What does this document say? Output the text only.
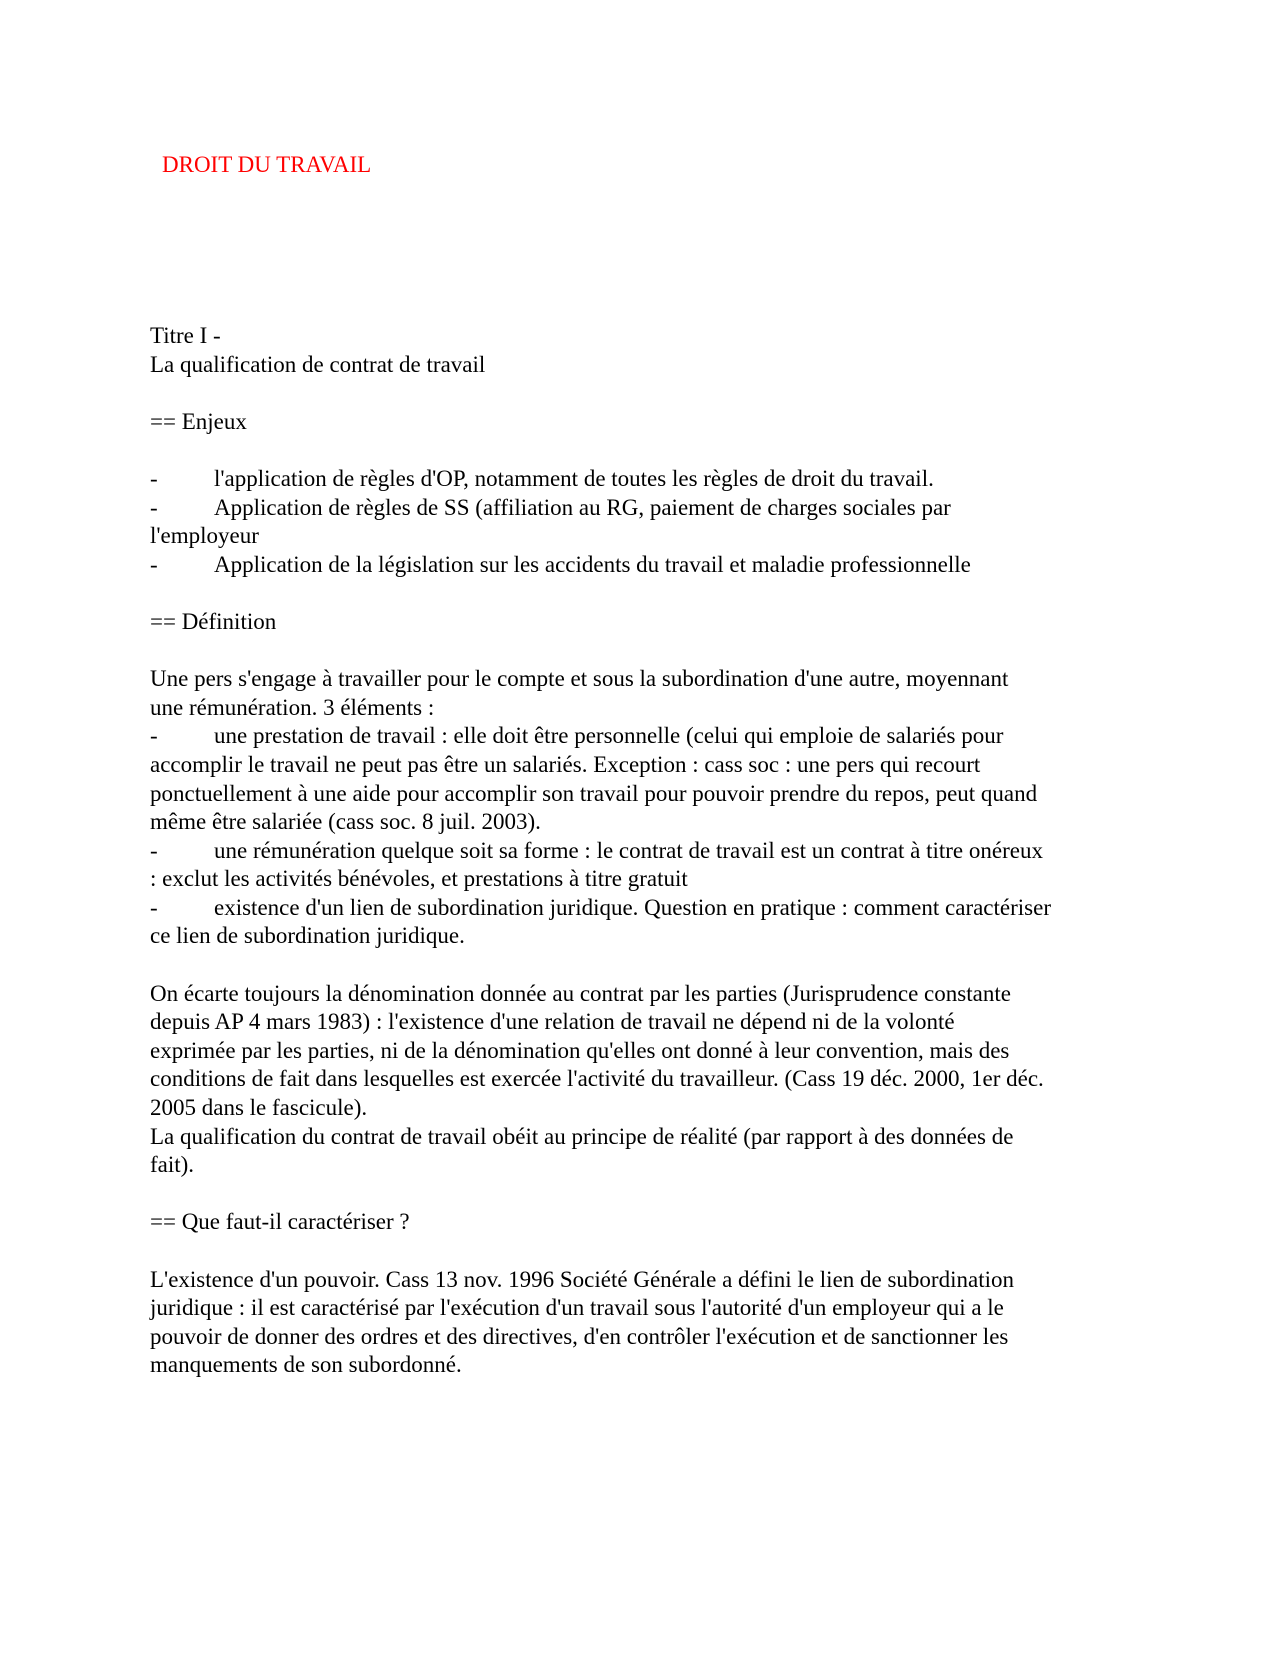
DROIT DU TRAVAIL

Titre I -

La qualification de contrat de travail

== Enjeux

- l'application de règles d'OP, notamment de toutes les règles de droit du travail.

- Application de règles de SS (affiliation au RG, paiement de charges sociales par

l'employeur

- Application de la législation sur les accidents du travail et maladie professionnelle

== Définition

Une pers s'engage à travailler pour le compte et sous la subordination d'une autre, moyennant

une rémunération. 3 éléments :

- une prestation de travail : elle doit être personnelle (celui qui emploie de salariés pour

accomplir le travail ne peut pas être un salariés. Exception : cass soc : une pers qui recourt

ponctuellement à une aide pour accomplir son travail pour pouvoir prendre du repos, peut quand

même être salariée (cass soc. 8 juil. 2003).

- une rémunération quelque soit sa forme : le contrat de travail est un contrat à titre onéreux

: exclut les activités bénévoles, et prestations à titre gratuit

- existence d'un lien de subordination juridique. Question en pratique : comment caractériser

ce lien de subordination juridique.

On écarte toujours la dénomination donnée au contrat par les parties (Jurisprudence constante

depuis AP 4 mars 1983) : l'existence d'une relation de travail ne dépend ni de la volonté

exprimée par les parties, ni de la dénomination qu'elles ont donné à leur convention, mais des

conditions de fait dans lesquelles est exercée l'activité du travailleur. (Cass 19 déc. 2000, 1er déc.

2005 dans le fascicule).

La qualification du contrat de travail obéit au principe de réalité (par rapport à des données de

fait).

== Que faut-il caractériser ?

L'existence d'un pouvoir. Cass 13 nov. 1996 Société Générale a défini le lien de subordination

juridique : il est caractérisé par l'exécution d'un travail sous l'autorité d'un employeur qui a le

pouvoir de donner des ordres et des directives, d'en contrôler l'exécution et de sanctionner les

manquements de son subordonné.
